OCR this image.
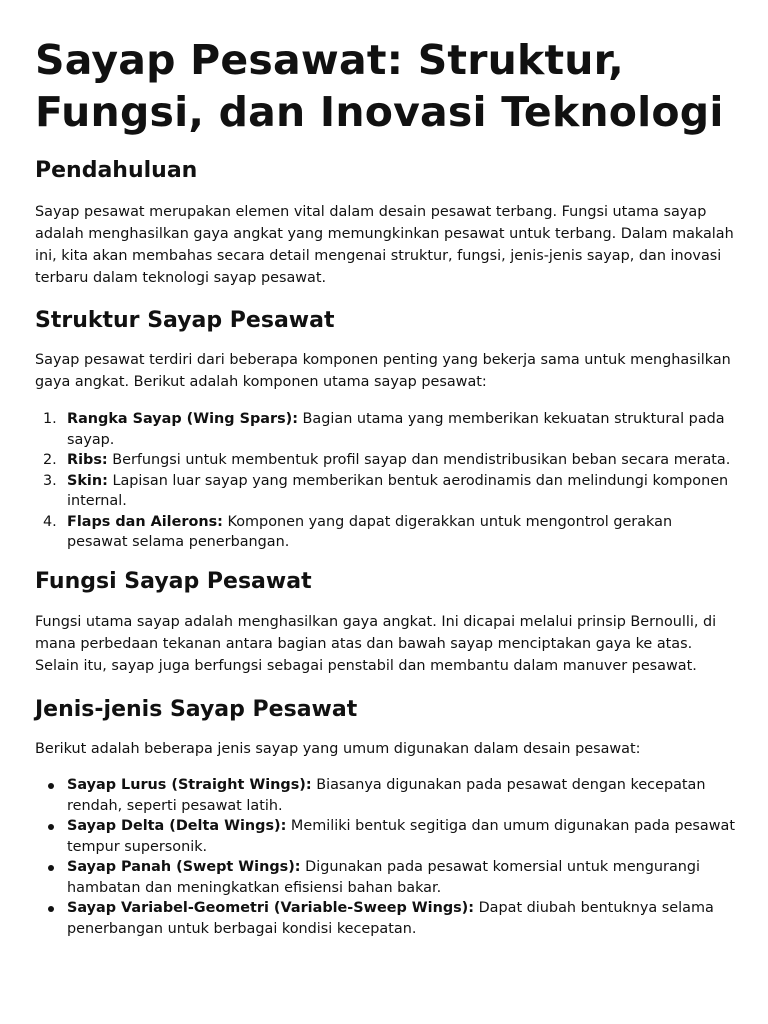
Sayap Pesawat: Struktur, Fungsi, dan Inovasi Teknologi
Pendahuluan

Sayap pesawat merupakan elemen vital dalam desain pesawat terbang. Fungsi utama sayap adalah menghasilkan gaya angkat yang memungkinkan pesawat untuk terbang. Dalam makalah ini, kita akan membahas secara detail mengenai struktur, fungsi, jenis-jenis sayap, dan inovasi terbaru dalam teknologi sayap pesawat.

Struktur Sayap Pesawat

Sayap pesawat terdiri dari beberapa komponen penting yang bekerja sama untuk menghasilkan gaya angkat. Berikut adalah komponen utama sayap pesawat:

1. Rangka Sayap (Wing Spars): Bagian utama yang memberikan kekuatan struktural pada sayap.
2. Ribs: Berfungsi untuk membentuk profil sayap dan mendistribusikan beban secara merata.
3. Skin: Lapisan luar sayap yang memberikan bentuk aerodinamis dan melindungi komponen internal.
4. Flaps dan Ailerons: Komponen yang dapat digerakkan untuk mengontrol gerakan pesawat selama penerbangan.
Fungsi Sayap Pesawat

Fungsi utama sayap adalah menghasilkan gaya angkat. Ini dicapai melalui prinsip Bernoulli, di mana perbedaan tekanan antara bagian atas dan bawah sayap menciptakan gaya ke atas. Selain itu, sayap juga berfungsi sebagai penstabil dan membantu dalam manuver pesawat.

Jenis-jenis Sayap Pesawat

Berikut adalah beberapa jenis sayap yang umum digunakan dalam desain pesawat:

Sayap Lurus (Straight Wings): Biasanya digunakan pada pesawat dengan kecepatan rendah, seperti pesawat latih.
Sayap Delta (Delta Wings): Memiliki bentuk segitiga dan umum digunakan pada pesawat tempur supersonik.
Sayap Panah (Swept Wings): Digunakan pada pesawat komersial untuk mengurangi hambatan dan meningkatkan efisiensi bahan bakar.
Sayap Variabel-Geometri (Variable-Sweep Wings): Dapat diubah bentuknya selama penerbangan untuk berbagai kondisi kecepatan.
